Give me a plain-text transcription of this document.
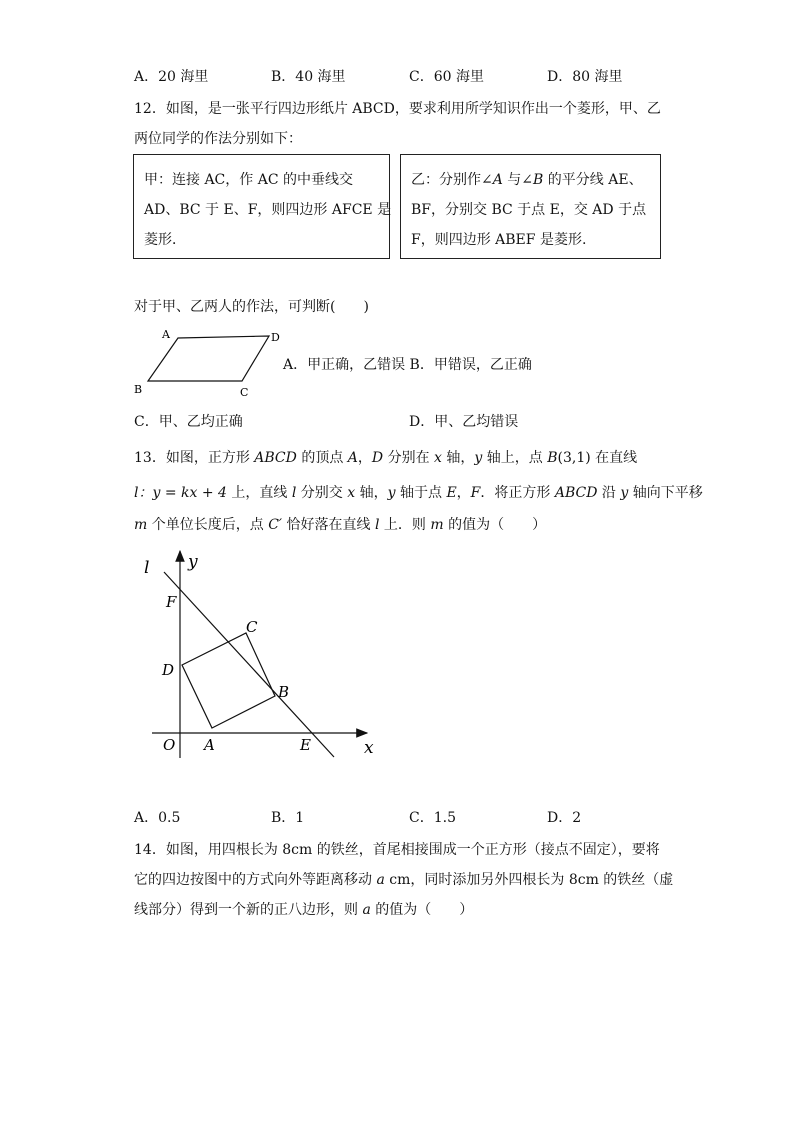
A．20 海里	B．40 海里	C．60 海里	D．80 海里
12．如图，是一张平行四边形纸片 ABCD，要求利用所学知识作出一个菱形，甲、乙
两位同学的作法分别如下：
甲：连接 AC，作 AC 的中垂线交
AD、BC 于 E、F，则四边形 AFCE 是
菱形．
乙：分别作∠A 与∠B 的平分线 AE、
BF，分别交 BC 于点 E，交 AD 于点
F，则四边形 ABEF 是菱形.
对于甲、乙两人的作法，可判断(　　)
A	D
B	C
A．甲正确，乙错误 B．甲错误，乙正确
C．甲、乙均正确	D．甲、乙均错误
13．如图，正方形 ABCD 的顶点 A，D 分别在 x 轴，y 轴上，点 B(3,1) 在直线
l：y = kx + 4 上，直线 l 分别交 x 轴，y 轴于点 E，F．将正方形 ABCD 沿 y 轴向下平移
m 个单位长度后，点 C′ 恰好落在直线 l 上．则 m 的值为（　　）
l y
F
C
D
B
O A	E	x
A．0.5	B．1	C．1.5	D．2
14．如图，用四根长为 8cm 的铁丝，首尾相接围成一个正方形（接点不固定），要将
它的四边按图中的方式向外等距离移动 a cm，同时添加另外四根长为 8cm 的铁丝（虚
线部分）得到一个新的正八边形，则 a 的值为（　　）
